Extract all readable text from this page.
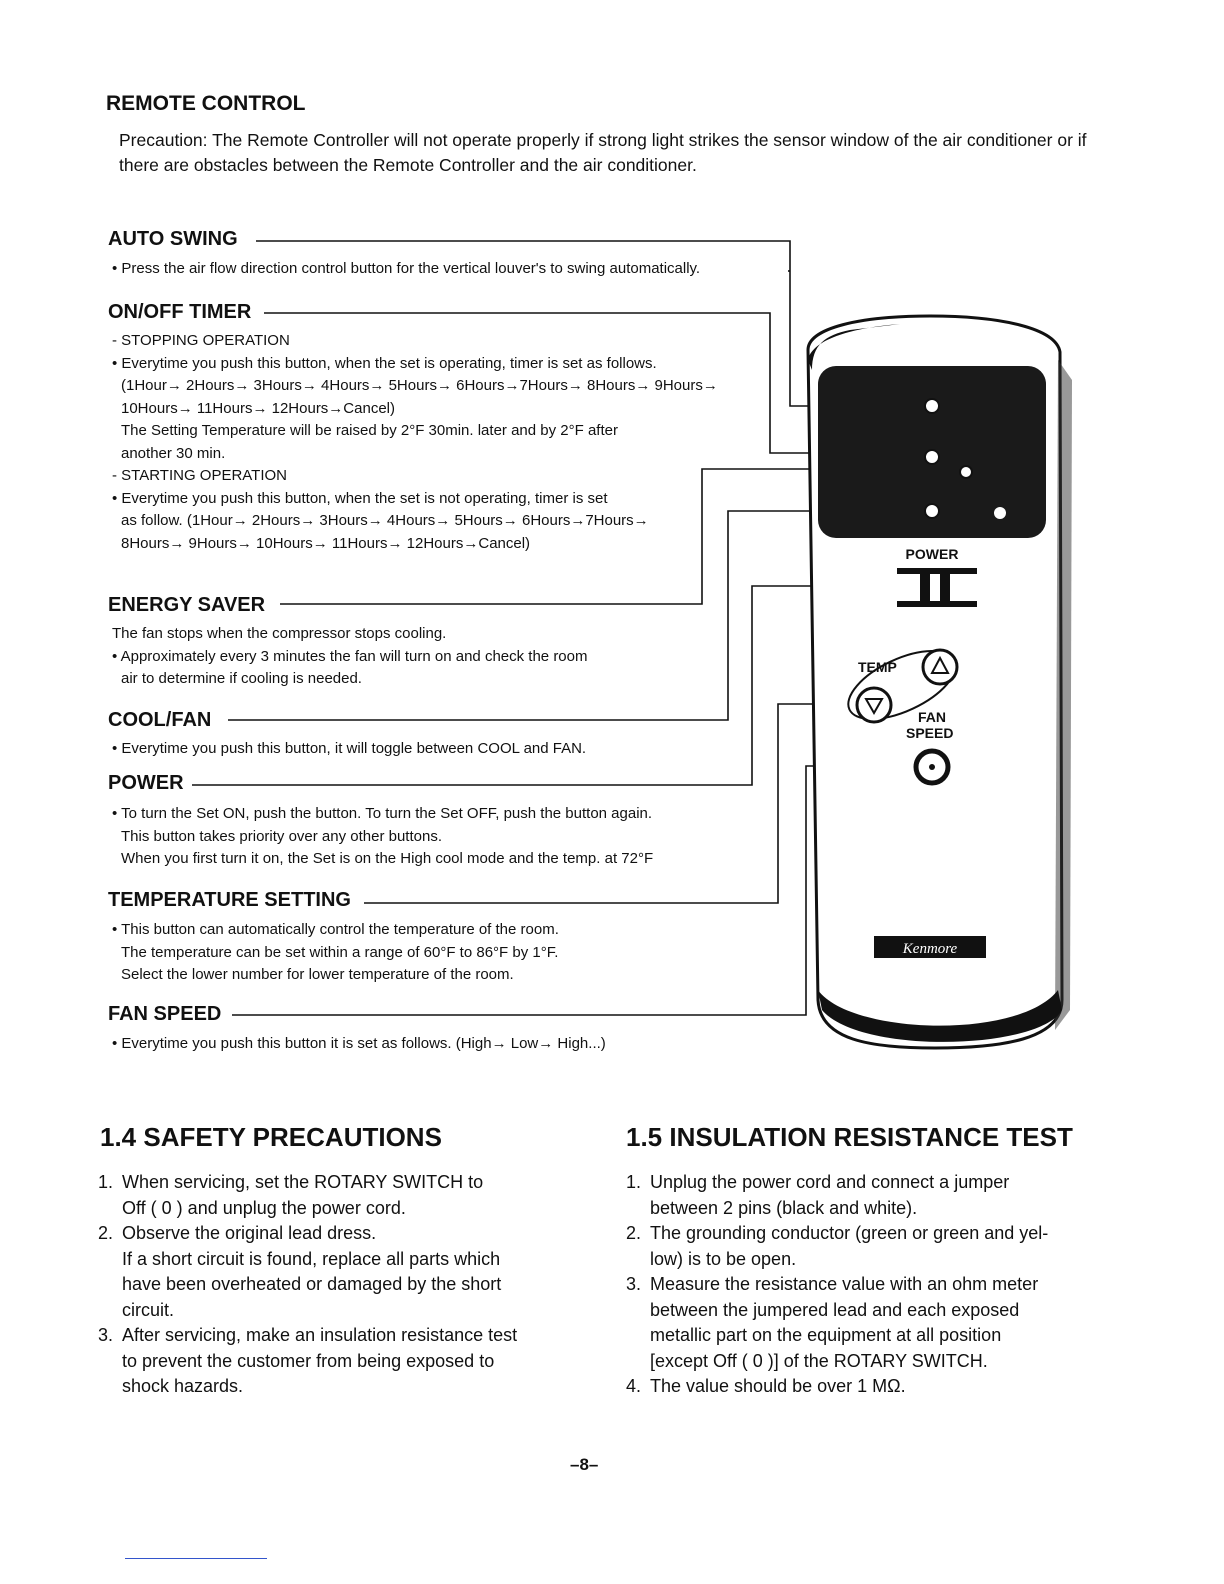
REMOTE CONTROL
Precaution: The Remote Controller will not operate properly if strong light strikes the sensor window of the air conditioner or if there are obstacles between the Remote Controller and the air conditioner.
AUTO SWING
• Press the air flow direction control button for the vertical louver's to swing automatically.
ON/OFF TIMER
- STOPPING OPERATION
• Everytime you push this button, when the set is operating, timer is set as follows.
(1Hour→ 2Hours→ 3Hours→ 4Hours→ 5Hours→ 6Hours→7Hours→ 8Hours→ 9Hours→
10Hours→ 11Hours→ 12Hours→Cancel)
The Setting Temperature will be raised by 2°F 30min. later and by 2°F after
another 30 min.
- STARTING OPERATION
• Everytime you push this button, when the set is not operating, timer is set
as follow. (1Hour→ 2Hours→ 3Hours→ 4Hours→ 5Hours→ 6Hours→7Hours→
8Hours→ 9Hours→ 10Hours→ 11Hours→ 12Hours→Cancel)
ENERGY SAVER
The fan stops when the compressor stops cooling.
• Approximately every 3 minutes the fan will turn on and check the room
air to determine if cooling is needed.
COOL/FAN
• Everytime you push this button, it will toggle between COOL and FAN.
POWER
• To turn the Set ON, push the button. To turn the Set OFF, push the button again.
This button takes priority over any other buttons.
When you first turn it on, the Set is on the High cool mode and the temp. at 72°F
TEMPERATURE SETTING
• This button can automatically control the temperature of the room.
The temperature can be set within a range of 60°F to 86°F by 1°F.
Select the lower number for lower temperature of the room.
FAN SPEED
• Everytime you push this button it is set as follows. (High→ Low→ High...)
POWER
TEMP
FAN
SPEED
Kenmore
1.4 SAFETY PRECAUTIONS
1. When servicing, set the ROTARY SWITCH to
Off ( 0 ) and unplug the power cord.
2. Observe the original lead dress.
If a short circuit is found, replace all parts which
have been overheated or damaged by the short
circuit.
3. After servicing, make an insulation resistance test
to prevent the customer from being exposed to
shock hazards.
1.5 INSULATION RESISTANCE TEST
1. Unplug the power cord and connect a jumper
between 2 pins (black and white).
2. The grounding conductor (green or green and yel-
low) is to be open.
3. Measure the resistance value with an ohm meter
between the jumpered lead and each exposed
metallic part on the equipment at all position
[except Off ( 0 )] of the ROTARY SWITCH.
4. The value should be over 1 MΩ.
–8–
